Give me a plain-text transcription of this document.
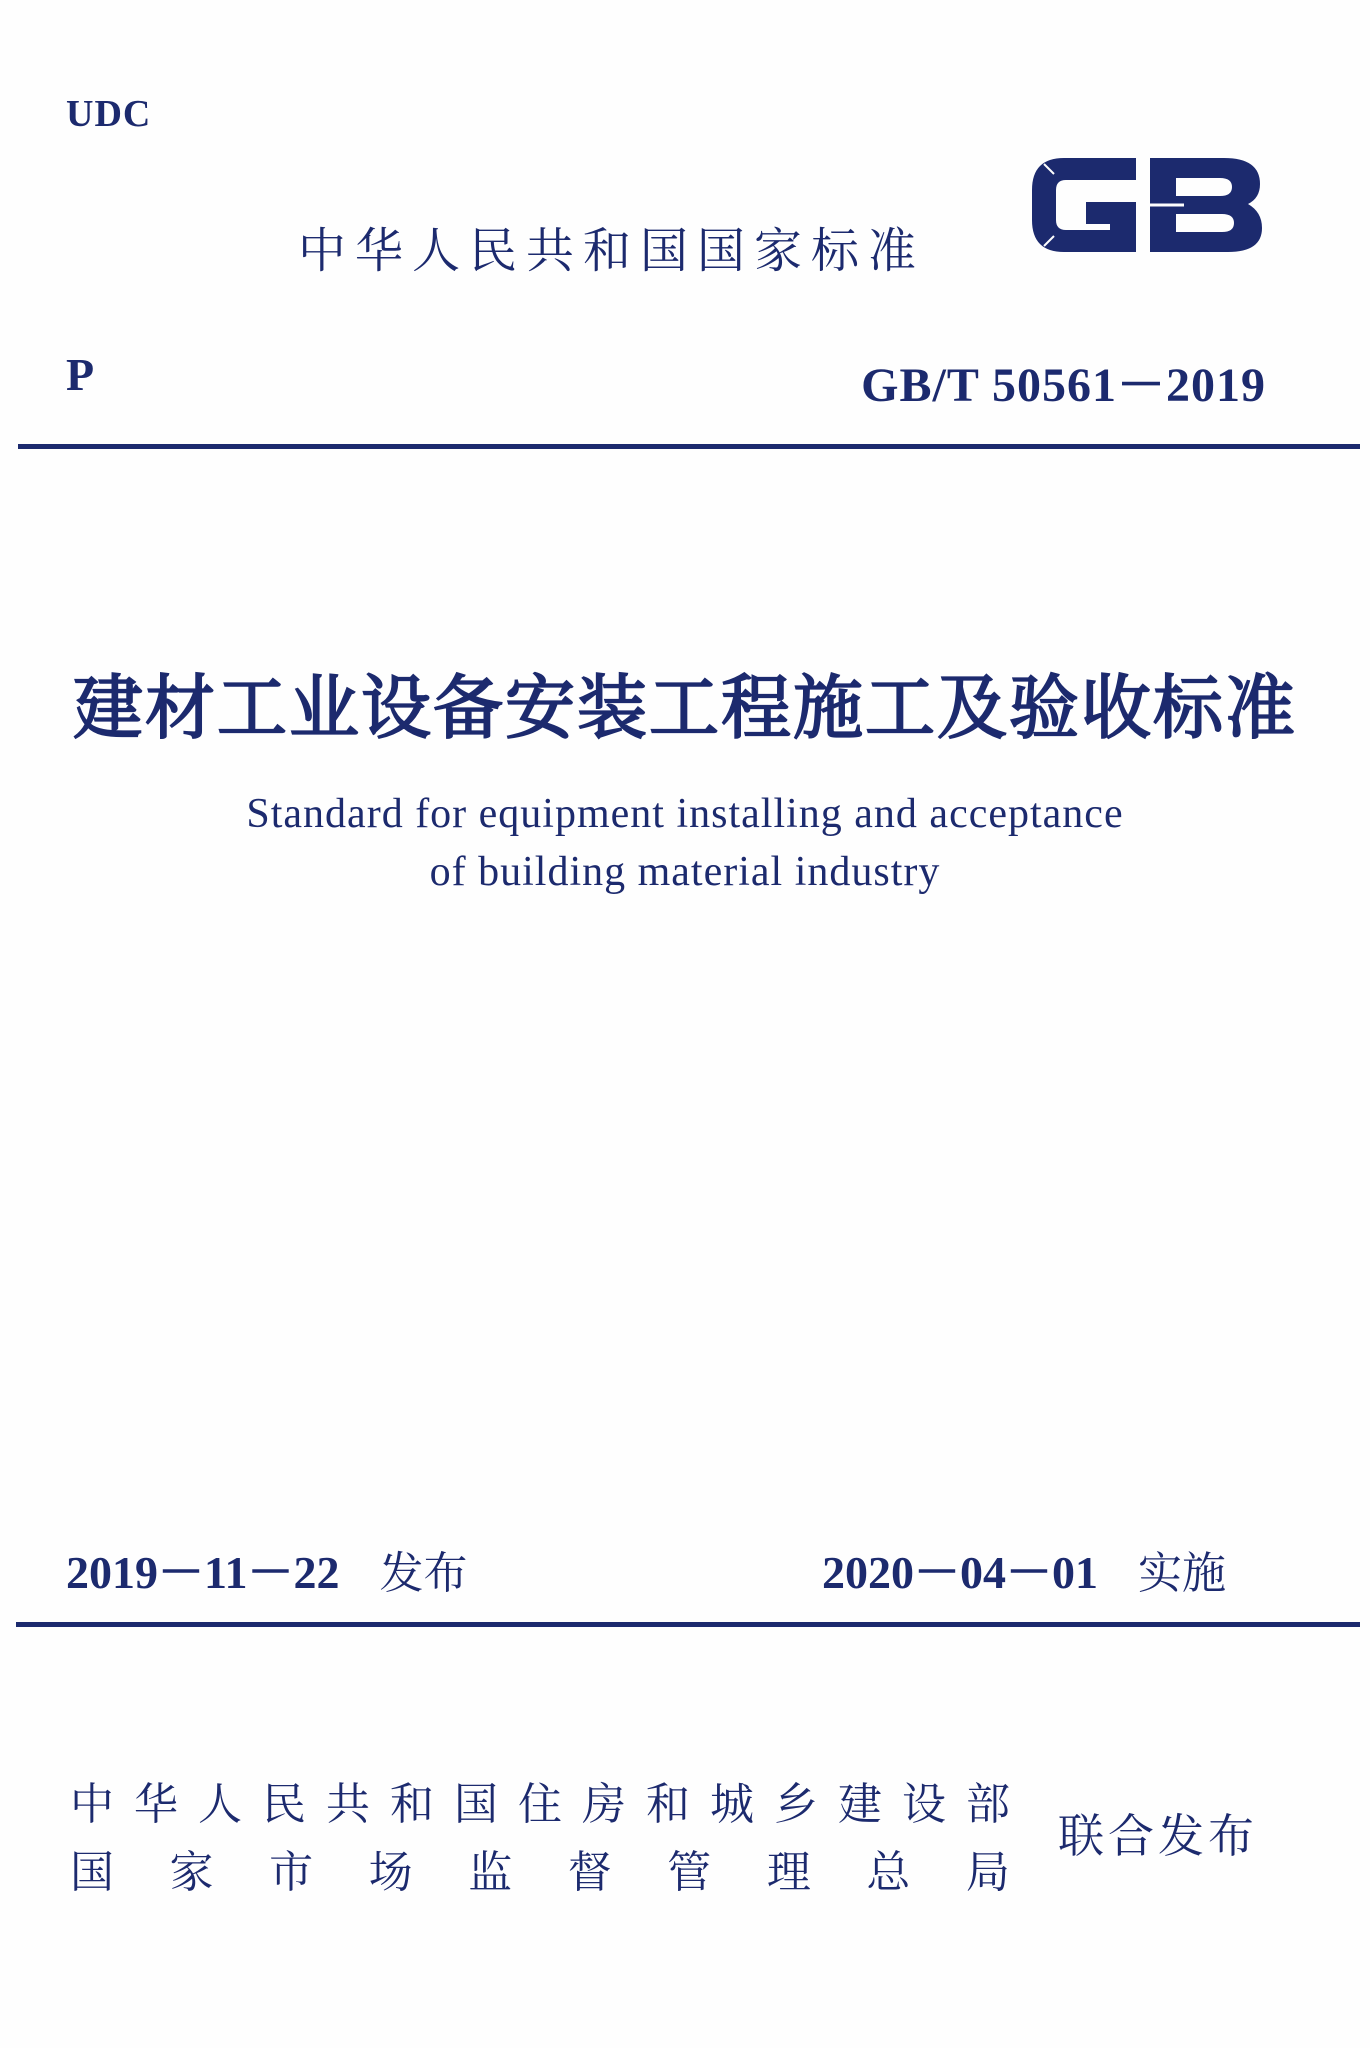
UDC
中华人民共和国国家标准
P	GB/T 50561－2019
建材工业设备安装工程施工及验收标准
Standard for equipment installing and acceptance
of building material industry
2019－11－22 发布	2020－04－01 实施
中 华 人 民 共 和 国 住 房 和 城 乡 建 设 部
国 家 市 场 监 督 管 理 总 局
联合发布
